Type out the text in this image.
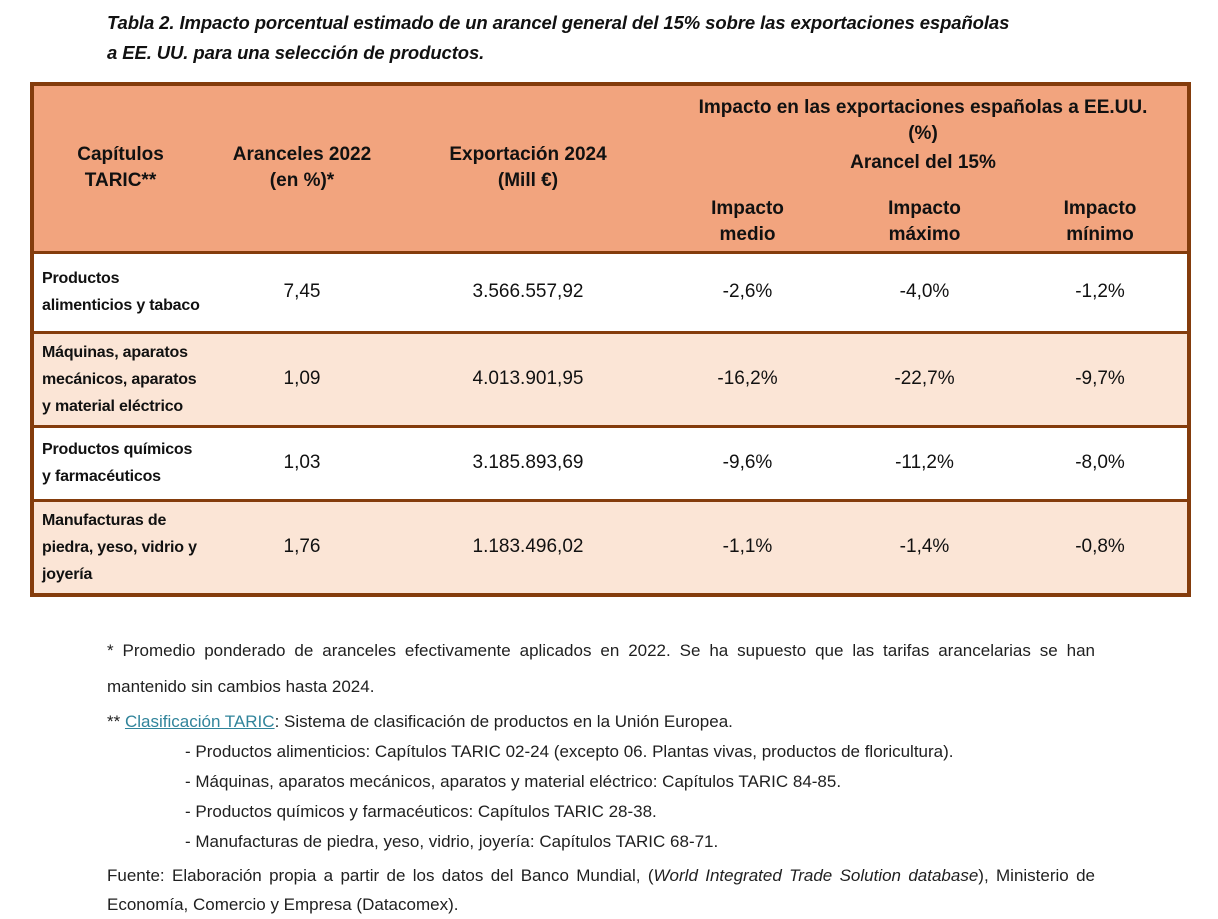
Tabla 2. Impacto porcentual estimado de un arancel general del 15% sobre las exportaciones españolas a EE. UU. para una selección de productos.
Capítulos TARIC**	Aranceles 2022 (en %)*	Exportación 2024 (Mill €)	Impacto en las exportaciones españolas a EE.UU. (%)
Arancel del 15%		

			Impacto medio	Impacto máximo	Impacto mínimo

Productos alimenticios y tabaco	7,45	3.566.557,92	-2,6%	-4,0%	-1,2%
Máquinas, aparatos mecánicos, aparatos y material eléctrico	1,09	4.013.901,95	-16,2%	-22,7%	-9,7%
Productos químicos y farmacéuticos	1,03	3.185.893,69	-9,6%	-11,2%	-8,0%
Manufacturas de piedra, yeso, vidrio y joyería	1,76	1.183.496,02	-1,1%	-1,4%	-0,8%

* Promedio ponderado de aranceles efectivamente aplicados en 2022. Se ha supuesto que las tarifas arancelarias se han mantenido sin cambios hasta 2024.

** Clasificación TARIC: Sistema de clasificación de productos en la Unión Europea.

- Productos alimenticios: Capítulos TARIC 02-24 (excepto 06. Plantas vivas, productos de floricultura).

- Máquinas, aparatos mecánicos, aparatos y material eléctrico: Capítulos TARIC 84-85.

- Productos químicos y farmacéuticos: Capítulos TARIC 28-38.

- Manufacturas de piedra, yeso, vidrio, joyería: Capítulos TARIC 68-71.

Fuente: Elaboración propia a partir de los datos del Banco Mundial, (World Integrated Trade Solution database), Ministerio de Economía, Comercio y Empresa (Datacomex).
